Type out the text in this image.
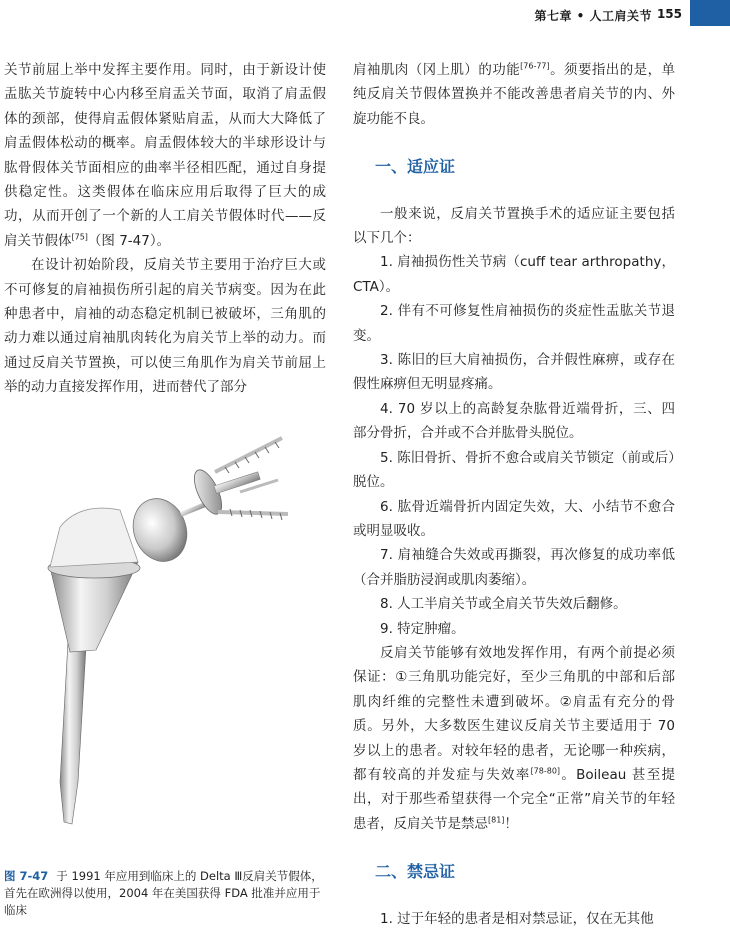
第七章 • 人工肩关节 155

关节前屈上举中发挥主要作用。同时，由于新设计使盂肱关节旋转中心内移至肩盂关节面，取消了肩盂假体的颈部，使得肩盂假体紧贴肩盂，从而大大降低了肩盂假体松动的概率。肩盂假体较大的半球形设计与肱骨假体关节面相应的曲率半径相匹配，通过自身提供稳定性。这类假体在临床应用后取得了巨大的成功，从而开创了一个新的人工肩关节假体时代——反肩关节假体[75]（图 7-47）。

在设计初始阶段，反肩关节主要用于治疗巨大或不可修复的肩袖损伤所引起的肩关节病变。因为在此种患者中，肩袖的动态稳定机制已被破坏，三角肌的动力难以通过肩袖肌肉转化为肩关节上举的动力。而通过反肩关节置换，可以使三角肌作为肩关节前屈上举的动力直接发挥作用，进而替代了部分

图 7-47 于 1991 年应用到临床上的 Delta Ⅲ反肩关节假体，首先在欧洲得以使用，2004 年在美国获得 FDA 批准并应用于临床

肩袖肌肉（冈上肌）的功能[76-77]。须要指出的是，单纯反肩关节假体置换并不能改善患者肩关节的内、外旋功能不良。

一、适应证

一般来说，反肩关节置换手术的适应证主要包括以下几个：

1. 肩袖损伤性关节病（cuff tear arthropathy，CTA）。

2. 伴有不可修复性肩袖损伤的炎症性盂肱关节退变。

3. 陈旧的巨大肩袖损伤，合并假性麻痹，或存在假性麻痹但无明显疼痛。

4. 70 岁以上的高龄复杂肱骨近端骨折，三、四部分骨折，合并或不合并肱骨头脱位。

5. 陈旧骨折、骨折不愈合或肩关节锁定（前或后）脱位。

6. 肱骨近端骨折内固定失效，大、小结节不愈合或明显吸收。

7. 肩袖缝合失效或再撕裂，再次修复的成功率低（合并脂肪浸润或肌肉萎缩）。

8. 人工半肩关节或全肩关节失效后翻修。

9. 特定肿瘤。

反肩关节能够有效地发挥作用，有两个前提必须保证：①三角肌功能完好，至少三角肌的中部和后部肌肉纤维的完整性未遭到破坏。②肩盂有充分的骨质。另外，大多数医生建议反肩关节主要适用于 70 岁以上的患者。对较年轻的患者，无论哪一种疾病，都有较高的并发症与失效率[78-80]。Boileau 甚至提出，对于那些希望获得一个完全“正常”肩关节的年轻患者，反肩关节是禁忌[81]！

二、禁忌证

1. 过于年轻的患者是相对禁忌证，仅在无其他
